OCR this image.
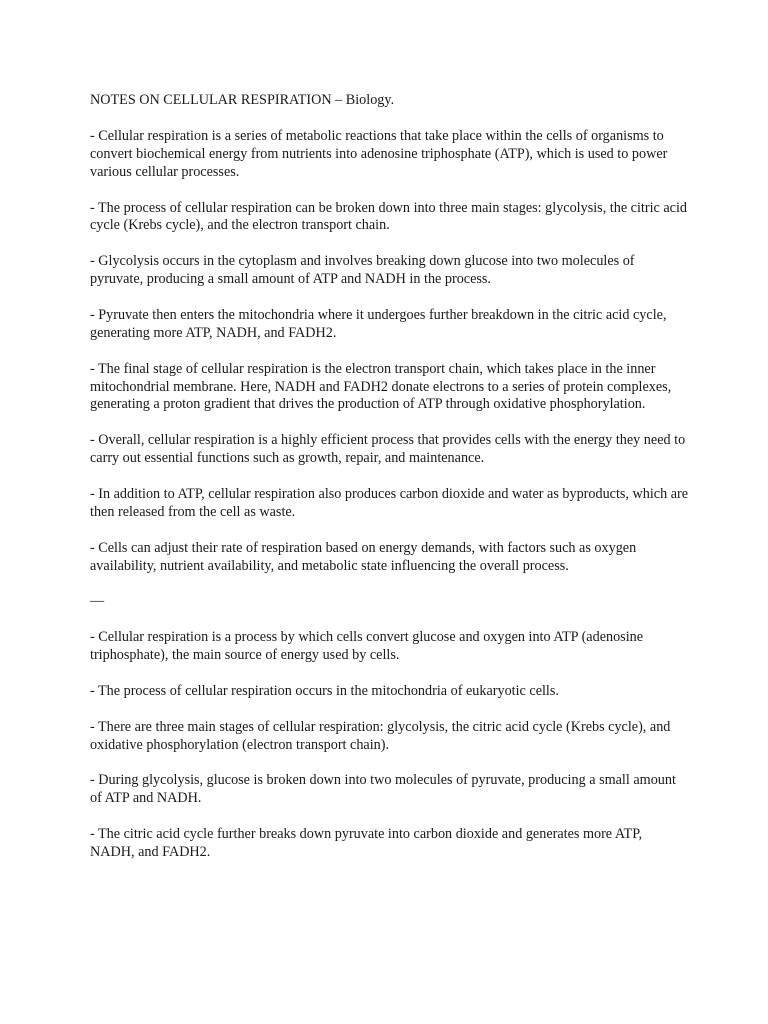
NOTES ON CELLULAR RESPIRATION – Biology.

- Cellular respiration is a series of metabolic reactions that take place within the cells of organisms to convert biochemical energy from nutrients into adenosine triphosphate (ATP), which is used to power various cellular processes.

- The process of cellular respiration can be broken down into three main stages: glycolysis, the citric acid cycle (Krebs cycle), and the electron transport chain.

- Glycolysis occurs in the cytoplasm and involves breaking down glucose into two molecules of pyruvate, producing a small amount of ATP and NADH in the process.

- Pyruvate then enters the mitochondria where it undergoes further breakdown in the citric acid cycle, generating more ATP, NADH, and FADH2.

- The final stage of cellular respiration is the electron transport chain, which takes place in the inner mitochondrial membrane. Here, NADH and FADH2 donate electrons to a series of protein complexes, generating a proton gradient that drives the production of ATP through oxidative phosphorylation.

- Overall, cellular respiration is a highly efficient process that provides cells with the energy they need to carry out essential functions such as growth, repair, and maintenance.

- In addition to ATP, cellular respiration also produces carbon dioxide and water as byproducts, which are then released from the cell as waste.

- Cells can adjust their rate of respiration based on energy demands, with factors such as oxygen availability, nutrient availability, and metabolic state influencing the overall process.

—

- Cellular respiration is a process by which cells convert glucose and oxygen into ATP (adenosine triphosphate), the main source of energy used by cells.

- The process of cellular respiration occurs in the mitochondria of eukaryotic cells.

- There are three main stages of cellular respiration: glycolysis, the citric acid cycle (Krebs cycle), and oxidative phosphorylation (electron transport chain).

- During glycolysis, glucose is broken down into two molecules of pyruvate, producing a small amount of ATP and NADH.

- The citric acid cycle further breaks down pyruvate into carbon dioxide and generates more ATP, NADH, and FADH2.
